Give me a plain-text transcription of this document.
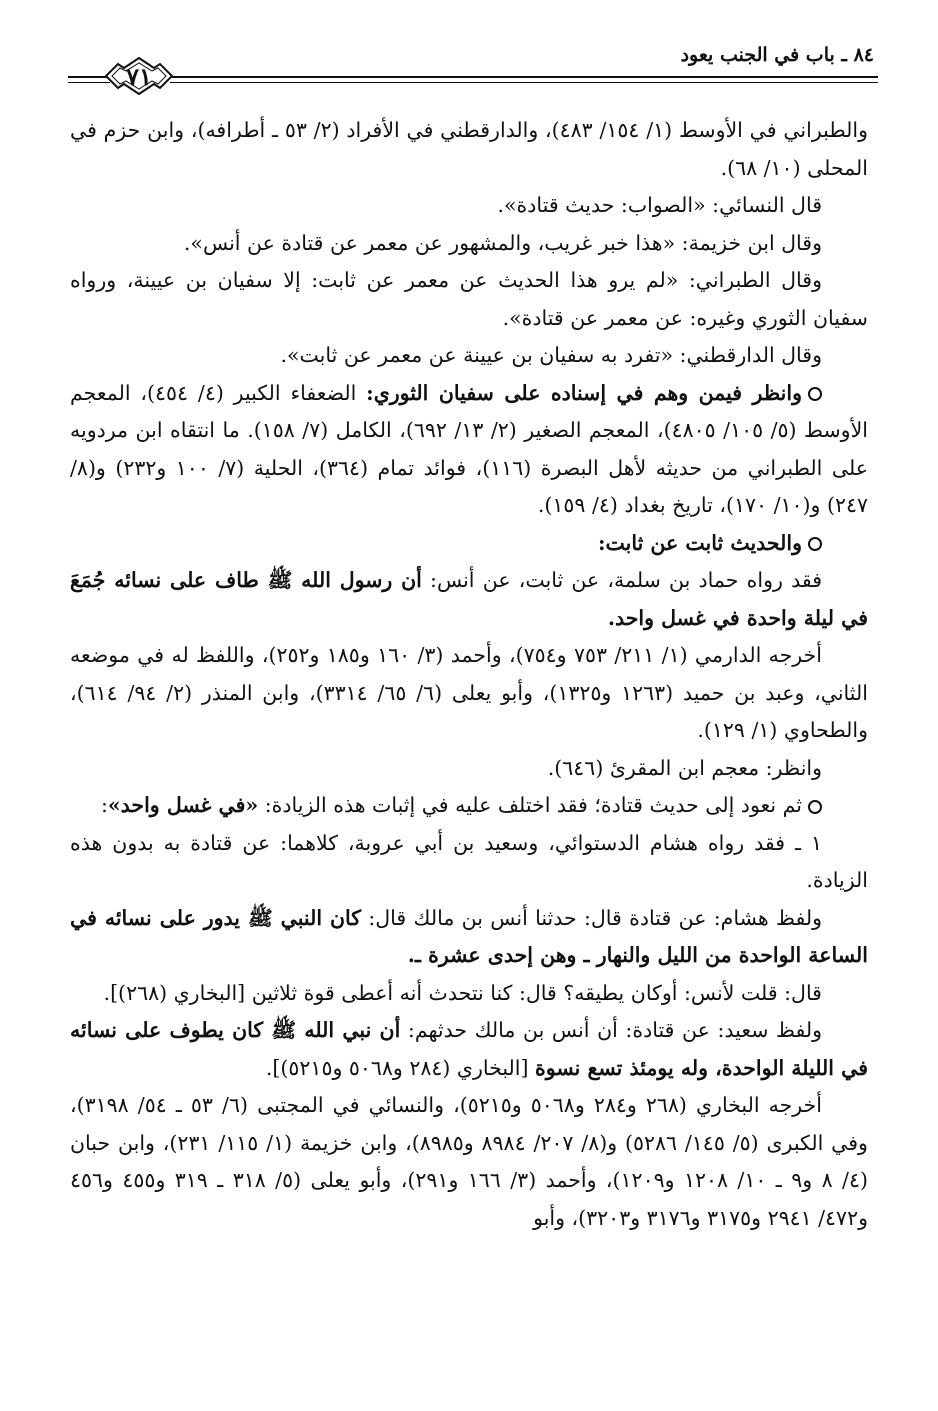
٨٤ ـ باب في الجنب يعود
٧١

والطبراني في الأوسط (١/ ١٥٤/ ٤٨٣)، والدارقطني في الأفراد (٢/ ٥٣ ـ أطرافه)، وابن حزم في المحلى (١٠/ ٦٨).

قال النسائي: «الصواب: حديث قتادة».

وقال ابن خزيمة: «هذا خبر غريب، والمشهور عن معمر عن قتادة عن أنس».

وقال الطبراني: «لم يرو هذا الحديث عن معمر عن ثابت: إلا سفيان بن عيينة، ورواه سفيان الثوري وغيره: عن معمر عن قتادة».

وقال الدارقطني: «تفرد به سفيان بن عيينة عن معمر عن ثابت».

وانظر فيمن وهم في إسناده على سفيان الثوري: الضعفاء الكبير (٤/ ٤٥٤)، المعجم الأوسط (٥/ ١٠٥/ ٤٨٠٥)، المعجم الصغير (٢/ ١٣/ ٦٩٢)، الكامل (٧/ ١٥٨). ما انتقاه ابن مردويه على الطبراني من حديثه لأهل البصرة (١١٦)، فوائد تمام (٣٦٤)، الحلية (٧/ ١٠٠ و٢٣٢) و(٨/ ٢٤٧) و(١٠/ ١٧٠)، تاريخ بغداد (٤/ ١٥٩).

والحديث ثابت عن ثابت:

فقد رواه حماد بن سلمة، عن ثابت، عن أنس: أن رسول الله ﷺ طاف على نسائه جُمَعَ في ليلة واحدة في غسل واحد.

أخرجه الدارمي (١/ ٢١١/ ٧٥٣ و٧٥٤)، وأحمد (٣/ ١٦٠ و١٨٥ و٢٥٢)، واللفظ له في موضعه الثاني، وعبد بن حميد (١٢٦٣ و١٣٢٥)، وأبو يعلى (٦/ ٦٥/ ٣٣١٤)، وابن المنذر (٢/ ٩٤/ ٦١٤)، والطحاوي (١/ ١٢٩).

وانظر: معجم ابن المقرئ (٦٤٦).

ثم نعود إلى حديث قتادة؛ فقد اختلف عليه في إثبات هذه الزيادة: «في غسل واحد»:

١ ـ فقد رواه هشام الدستوائي، وسعيد بن أبي عروبة، كلاهما: عن قتادة به بدون هذه الزيادة.

ولفظ هشام: عن قتادة قال: حدثنا أنس بن مالك قال: كان النبي ﷺ يدور على نسائه في الساعة الواحدة من الليل والنهار ـ وهن إحدى عشرة ـ.

قال: قلت لأنس: أوكان يطيقه؟ قال: كنا نتحدث أنه أعطى قوة ثلاثين [البخاري (٢٦٨)].

ولفظ سعيد: عن قتادة: أن أنس بن مالك حدثهم: أن نبي الله ﷺ كان يطوف على نسائه في الليلة الواحدة، وله يومئذ تسع نسوة [البخاري (٢٨٤ و٥٠٦٨ و٥٢١٥)].

أخرجه البخاري (٢٦٨ و٢٨٤ و٥٠٦٨ و٥٢١٥)، والنسائي في المجتبى (٦/ ٥٣ ـ ٥٤/ ٣١٩٨)، وفي الكبرى (٥/ ١٤٥/ ٥٢٨٦) و(٨/ ٢٠٧/ ٨٩٨٤ و٨٩٨٥)، وابن خزيمة (١/ ١١٥/ ٢٣١)، وابن حبان (٤/ ٨ و٩ ـ ١٠/ ١٢٠٨ و١٢٠٩)، وأحمد (٣/ ١٦٦ و٢٩١)، وأبو يعلى (٥/ ٣١٨ ـ ٣١٩ و٤٥٥ و٤٥٦ و٤٧٢/ ٢٩٤١ و٣١٧٥ و٣١٧٦ و٣٢٠٣)، وأبو
